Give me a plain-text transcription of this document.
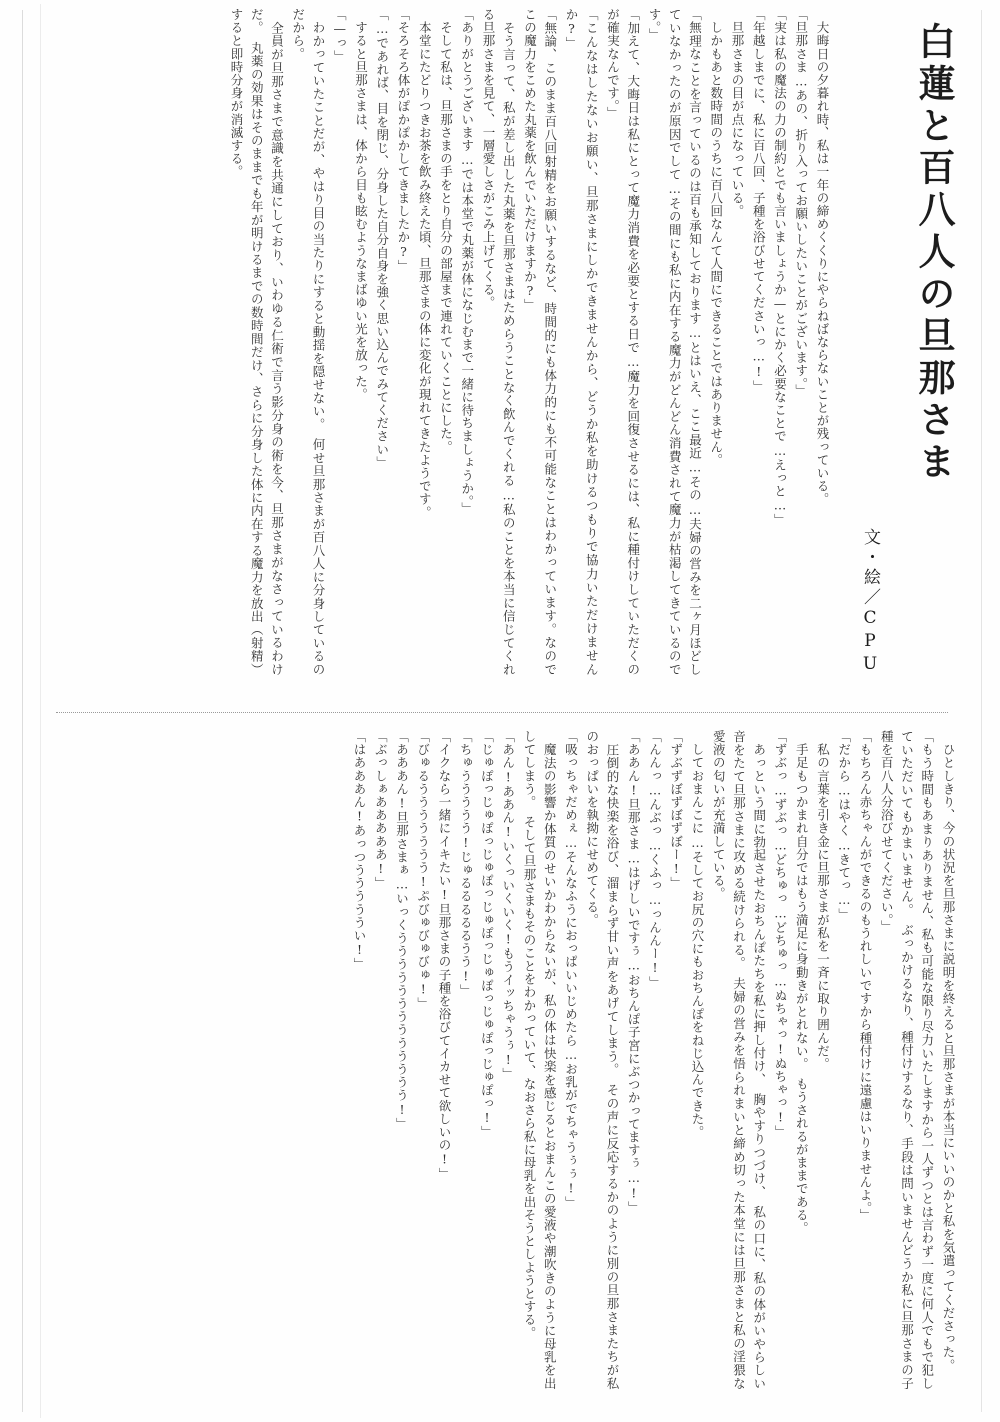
白蓮と百八人の旦那さま
文・絵／CPU
　大晦日の夕暮れ時、私は一年の締めくくりにやらねばならないことが残っている。
「旦那さま…あの、折り入ってお願いしたいことがございます。」
「実は私の魔法の力の制約とでも言いましょうか—とにかく必要なことで…えっと…」
「年越しまでに、私に百八回、子種を浴びせてくださいっ…!」
　旦那さまの目が点になっている。
　しかもあと数時間のうちに百八回なんて人間にできることではありません。
「無理なことを言っているのは百も承知しております…とはいえ、ここ最近…その…夫婦の営みを二ヶ月ほどしていなかったのが原因でして…その間にも私に内在する魔力がどんどん消費されて魔力が枯渇してきているのです。」
「加えて、大晦日は私にとって魔力消費を必要とする日で…魔力を回復させるには、私に種付けしていただくのが確実なんです。」
「こんなはしたないお願い、旦那さまにしかできませんから、どうか私を助けるつもりで協力いただけませんか?」
「無論、このまま百八回射精をお願いするなど、時間的にも体力的にも不可能なことはわかっています。なのでこの魔力をこめた丸薬を飲んでいただけますか?」
　そう言って、私が差し出した丸薬を旦那さまはためらうことなく飲んでくれる…私のことを本当に信じてくれる旦那さまを見て、一層愛しさがこみ上げてくる。
「ありがとうございます…では本堂で丸薬が体になじむまで一緒に待ちましょうか。」
　そして私は、旦那さまの手をとり自分の部屋まで連れていくことにした。
　本堂にたどりつきお茶を飲み終えた頃、旦那さまの体に変化が現れてきたようです。
「そろそろ体がぽかぽかしてきましたか?」
「…であれば、目を閉じ、分身した自分自身を強く思い込んでみてください」
　すると旦那さまは、体から目も眩むようなまばゆい光を放った。
「—っ」
　わかっていたことだが、やはり目の当たりにすると動揺を隠せない。　何せ旦那さまが百八人に分身しているのだから。
　全員が旦那さまで意識を共通にしており、いわゆる仁術で言う影分身の術を今、旦那さまがなさっているわけだ。　丸薬の効果はそのままでも年が明けるまでの数時間だけ、さらに分身した体に内在する魔力を放出（射精）すると即時分身が消滅する。
　ひとしきり、今の状況を旦那さまに説明を終えると旦那さまが本当にいいのかと私を気遣ってくださった。
「もう時間もあまりありません、私も可能な限り尽力いたしますから一人ずつとは言わず一度に何人でもで犯していただいてもかまいません。　ぶっかけるなり、種付けするなり、手段は問いませんどうか私に旦那さまの子種を百八人分浴びせてください。」
「もちろん赤ちゃんができるのもうれしいですから種付けに遠慮はいりませんよ。」
「だから…はやく…きてっ…」
　私の言葉を引き金に旦那さまが私を一斉に取り囲んだ。
　手足もつかまれ自分ではもう満足に身動きがとれない。　もうされるがままである。
「ずぶっ…ずぶっ…どちゅっ…どちゅっ…ぬちゃっ!ぬちゃっ!」
　あっという間に勃起させたおちんぽたちを私に押し付け、　胸やすりつづけ、　私の口に、私の体がいやらしい音をたて旦那さまに攻める続けられる。　夫婦の営みを悟られまいと締め切った本堂には旦那さまと私の淫猥な愛液の匂いが充満している。
　しておまんこに…そしてお尻の穴にもおちんぽをねじ込んできた。
「ずぶずぼずぼずぼー!」
「んんっ…んぶっ…くふっ…っんんー!」
「ああん!旦那さま…はげしいですぅ…おちんぽ子宮にぶつかってますぅ…!」
　圧倒的な快楽を浴び、溜まらず甘い声をあげてしまう。　その声に反応するかのように別の旦那さまたちが私のおっぱいを執拗にせめてくる。
「吸っちゃだめぇ…そんなふうにおっぱいいじめたら…お乳がでちゃうぅぅ!」
　魔法の影響か体質のせいかわからないが、私の体は快楽を感じるとおまんこの愛液や潮吹きのように母乳を出してしまう。　そして旦那さまもそのことをわかっていて、なおさら私に母乳を出そうとしようとする。
「あん!ああん!いくっいくいく!もうイッちゃうぅ!」
「じゅぽっじゅぽっじゅぽっじゅぽっじゅぽっじゅぽっじゅぽっ!」
「ちゅううううう!じゅるるるるるうう!」
「イクなら一緒にイキたい!旦那さまの子種を浴びてイカせて欲しいの!」
「びゅるううううううう!ぷびゅびゅびゅ!」
「あああん!旦那さまぁ…いっくううううううううううううう!」
「ぶっしぁあああああ!」
「はあああん!あっつうううううい!」
